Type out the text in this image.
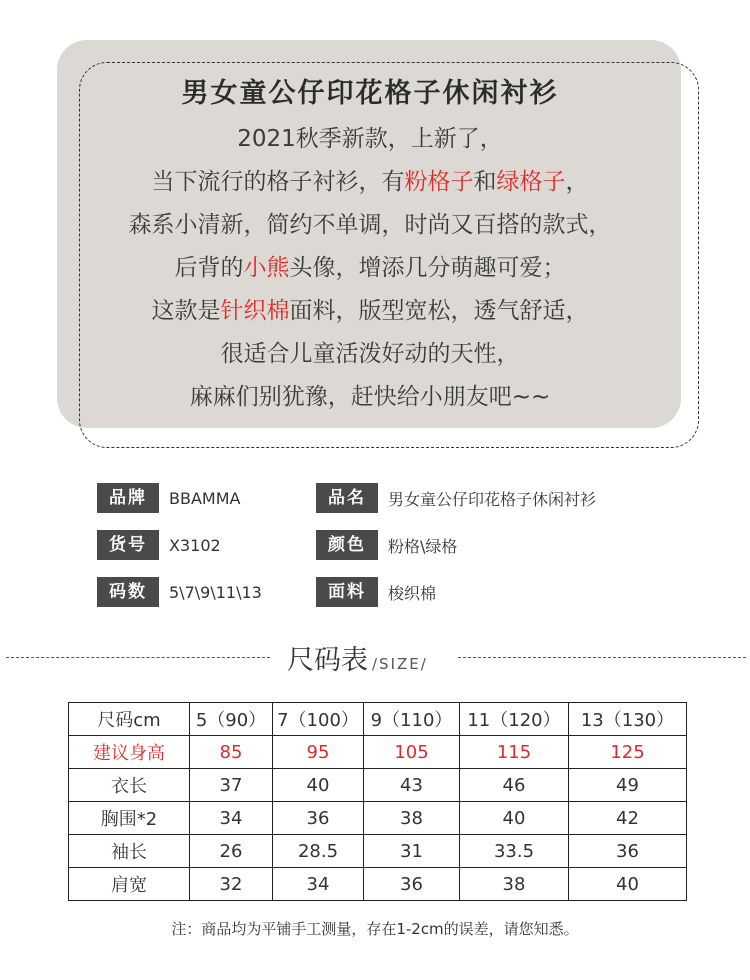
男女童公仔印花格子休闲衬衫
2021秋季新款，上新了，
当下流行的格子衬衫，有粉格子和绿格子，
森系小清新，简约不单调，时尚又百搭的款式，
后背的小熊头像，增添几分萌趣可爱；
这款是针织棉面料，版型宽松，透气舒适，
很适合儿童活泼好动的天性，
麻麻们别犹豫，赶快给小朋友吧~~
品牌	BBAMMA	品名	男女童公仔印花格子休闲衬衫
货号	X3102	颜色	粉格\绿格
码数	5\7\9\11\13	面料	梭织棉
尺码表 /SIZE/
尺码cm	5（90）	7（100）	9（110）	11（120）	13（130）
建议身高	85	95	105	115	125
衣长	37	40	43	46	49
胸围*2	34	36	38	40	42
袖长	26	28.5	31	33.5	36
肩宽	32	34	36	38	40
注：商品均为平铺手工测量，存在1-2cm的误差，请您知悉。
